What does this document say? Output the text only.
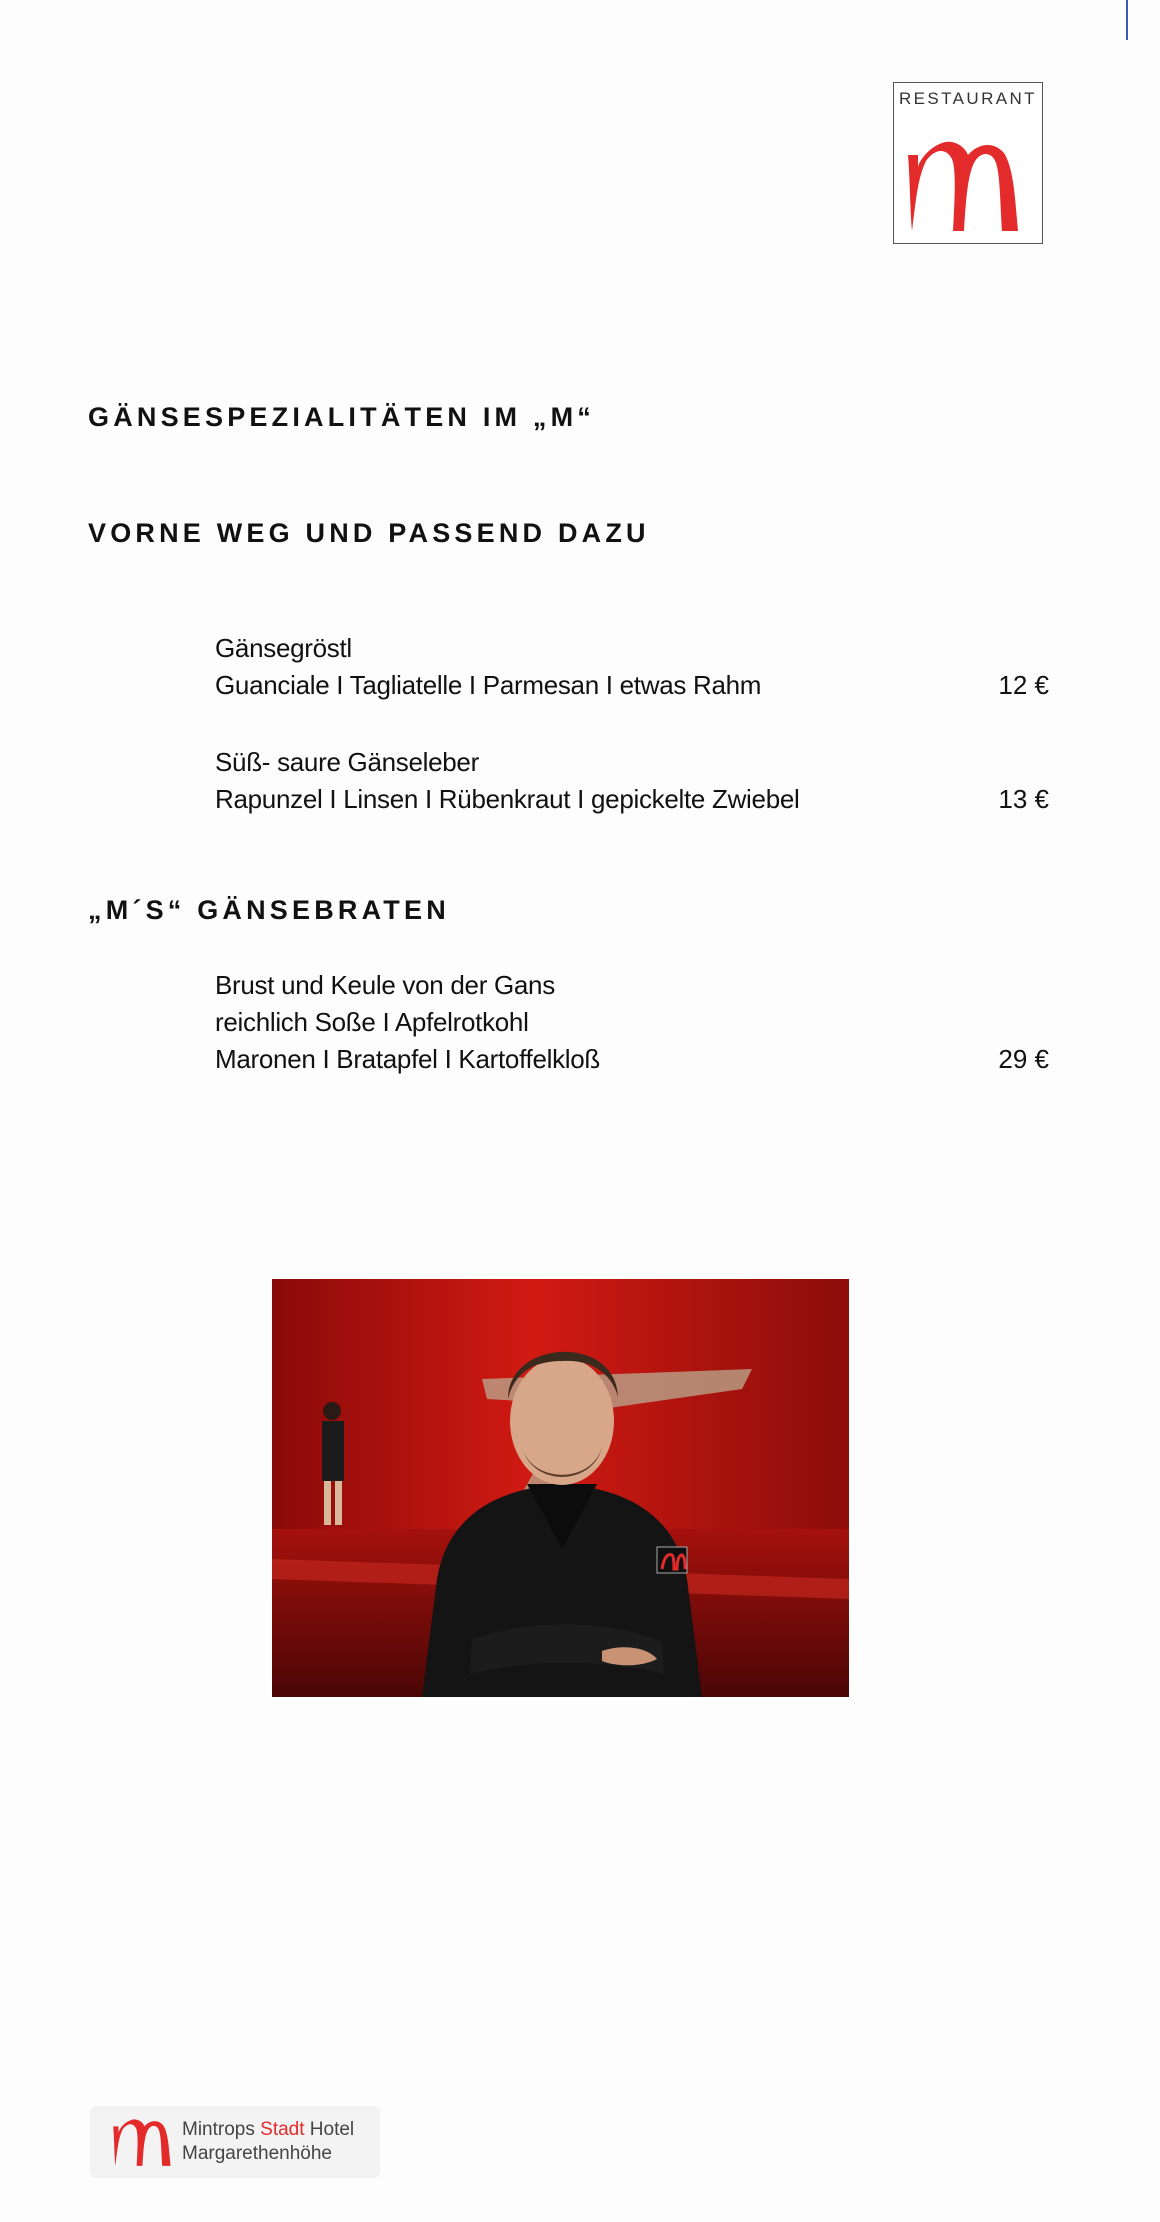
RESTAURANT
GÄNSESPEZIALITÄTEN IM „M“
VORNE WEG UND PASSEND DAZU
„M´S“ GÄNSEBRATEN
Gänsegröstl
Guanciale I Tagliatelle I Parmesan I etwas Rahm	12 €
Süß- saure Gänseleber
Rapunzel I Linsen I Rübenkraut I gepickelte Zwiebel	13 €
Brust und Keule von der Gans
reichlich Soße I Apfelrotkohl
Maronen I Bratapfel I Kartoffelkloß	29 €
Mintrops Stadt Hotel
Margarethenhöhe
